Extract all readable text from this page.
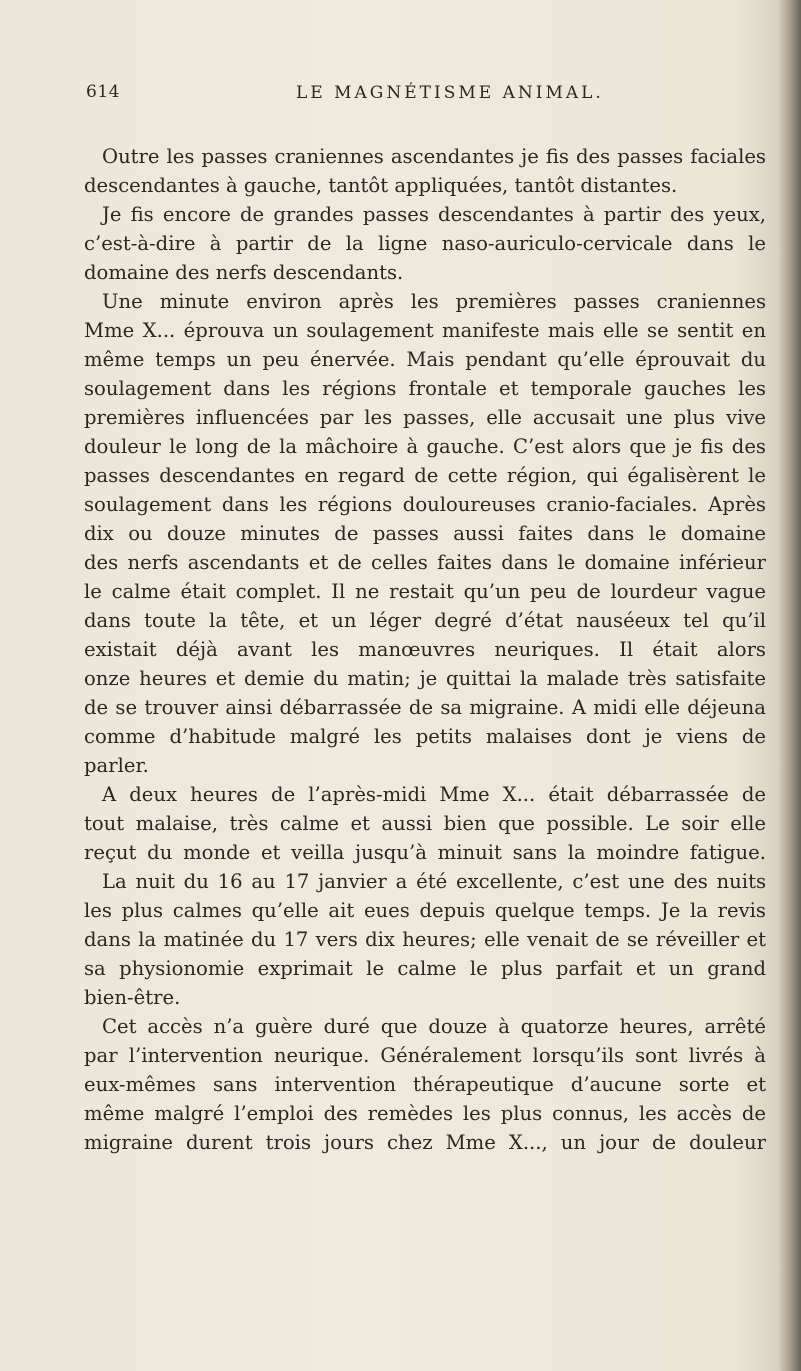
614	LE MAGNÉTISME ANIMAL.
Outre les passes craniennes ascendantes je fis des passes faciales
descendantes à gauche, tantôt appliquées, tantôt distantes.
Je fis encore de grandes passes descendantes à partir des yeux,
c’est-à-dire à partir de la ligne naso-auriculo-cervicale dans le
domaine des nerfs descendants.
Une minute environ après les premières passes craniennes
Mme X... éprouva un soulagement manifeste mais elle se sentit en
même temps un peu énervée. Mais pendant qu’elle éprouvait du
soulagement dans les régions frontale et temporale gauches les
premières influencées par les passes, elle accusait une plus vive
douleur le long de la mâchoire à gauche. C’est alors que je fis des
passes descendantes en regard de cette région, qui égalisèrent le
soulagement dans les régions douloureuses cranio-faciales. Après
dix ou douze minutes de passes aussi faites dans le domaine
des nerfs ascendants et de celles faites dans le domaine inférieur
le calme était complet. Il ne restait qu’un peu de lourdeur vague
dans toute la tête, et un léger degré d’état nauséeux tel qu’il
existait déjà avant les manœuvres neuriques. Il était alors
onze heures et demie du matin; je quittai la malade très satisfaite
de se trouver ainsi débarrassée de sa migraine. A midi elle déjeuna
comme d’habitude malgré les petits malaises dont je viens de
parler.
A deux heures de l’après-midi Mme X... était débarrassée de
tout malaise, très calme et aussi bien que possible. Le soir elle
reçut du monde et veilla jusqu’à minuit sans la moindre fatigue.
La nuit du 16 au 17 janvier a été excellente, c’est une des nuits
les plus calmes qu’elle ait eues depuis quelque temps. Je la revis
dans la matinée du 17 vers dix heures; elle venait de se réveiller et
sa physionomie exprimait le calme le plus parfait et un grand
bien-être.
Cet accès n’a guère duré que douze à quatorze heures, arrêté
par l’intervention neurique. Généralement lorsqu’ils sont livrés à
eux-mêmes sans intervention thérapeutique d’aucune sorte et
même malgré l’emploi des remèdes les plus connus, les accès de
migraine durent trois jours chez Mme X..., un jour de douleur
